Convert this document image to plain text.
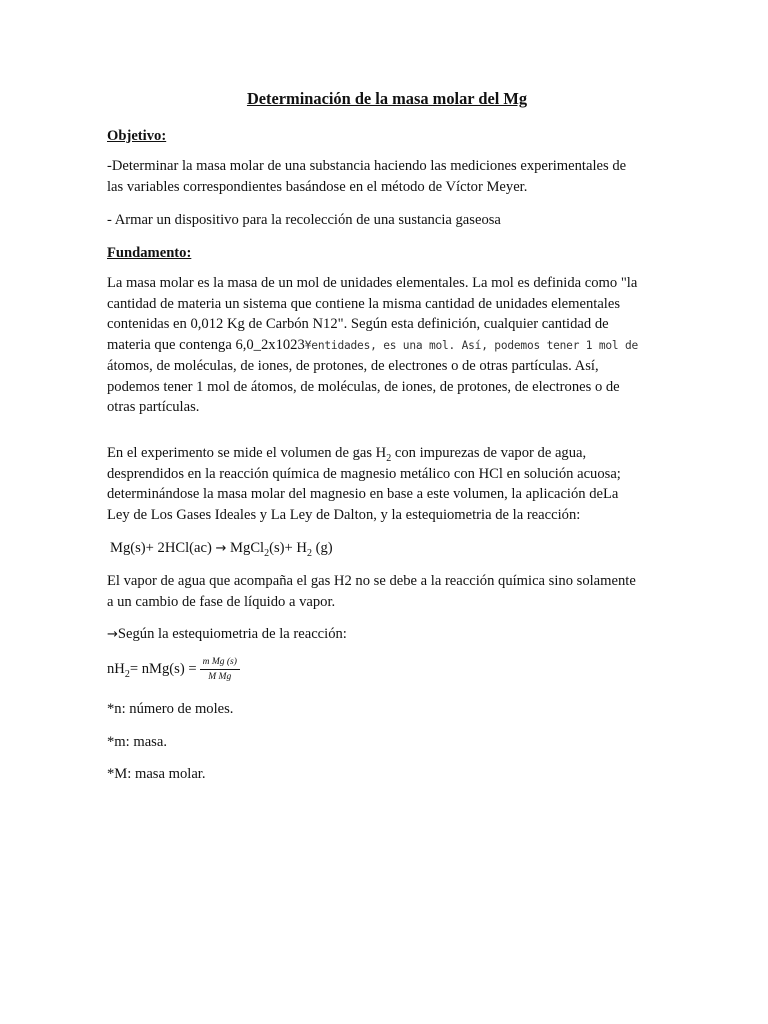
Determinación de la masa molar del Mg
Objetivo:
-Determinar la masa molar de una substancia haciendo las mediciones experimentales de
las variables correspondientes basándose en el método de Víctor Meyer.
- Armar un dispositivo para la recolección de una sustancia gaseosa
Fundamento:
La masa molar es la masa de un mol de unidades elementales. La mol es definida como "la
cantidad de materia un sistema que contiene la misma cantidad de unidades elementales
contenidas en 0,012 Kg de Carbón N12". Según esta definición, cualquier cantidad de
materia que contenga 6,0_2x1023¥entidades, es una mol. Así, podemos tener 1 mol de
átomos, de moléculas, de iones, de protones, de electrones o de otras partículas. Así,
podemos tener 1 mol de átomos, de moléculas, de iones, de protones, de electrones o de
otras partículas.
En el experimento se mide el volumen de gas $H_2$ con impurezas de vapor de agua,
desprendidos en la reacción química de magnesio metálico con HCl en solución acuosa;
determinándose la masa molar del magnesio en base a este volumen, la aplicación deLa
Ley de Los Gases Ideales y La Ley de Dalton, y la estequiometria de la reacción:
Mg(s)+ 2HCl(ac) → MgCl$_2$(s)+ $H_2$ (g)
El vapor de agua que acompaña el gas H2 no se debe a la reacción química sino solamente
a un cambio de fase de líquido a vapor.
→Según la estequiometria de la reacción:
$nH_2= nMg(s) = \frac{\text{m Mg (s)}}{\text{M Mg}}$
*n: número de moles.
*m: masa.
*M: masa molar.
